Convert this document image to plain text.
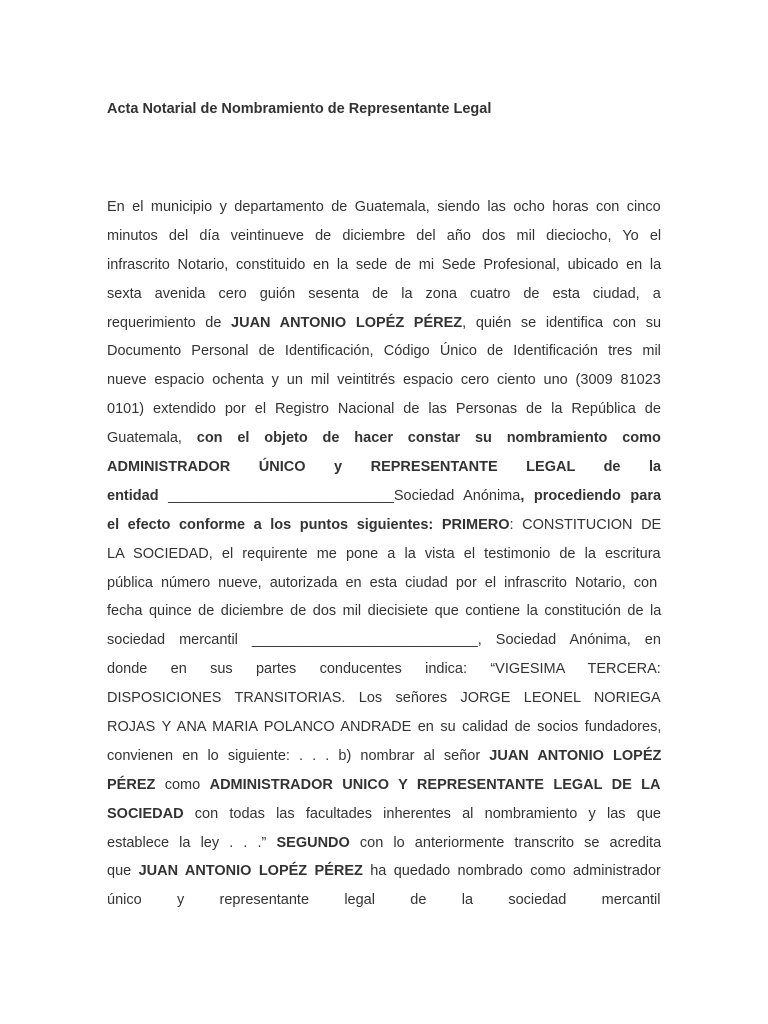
Acta Notarial de Nombramiento de Representante Legal
En el municipio y departamento de Guatemala, siendo las ocho horas con cinco
minutos del día veintinueve de diciembre del año dos mil dieciocho, Yo el
infrascrito Notario, constituido en la sede de mi Sede Profesional, ubicado en la
sexta avenida cero guión sesenta de la zona cuatro de esta ciudad, a
requerimiento de JUAN ANTONIO LOPÉZ PÉREZ, quién se identifica con su
Documento Personal de Identificación, Código Único de Identificación tres mil
nueve espacio ochenta y un mil veintitrés espacio cero ciento uno (3009 81023
0101) extendido por el Registro Nacional de las Personas de la República de
Guatemala, con el objeto de hacer constar su nombramiento como
ADMINISTRADOR ÚNICO y REPRESENTANTE LEGAL de la
entidad ____________________________Sociedad Anónima, procediendo para
el efecto conforme a los puntos siguientes: PRIMERO: CONSTITUCION DE
LA SOCIEDAD, el requirente me pone a la vista el testimonio de la escritura
pública número nueve, autorizada en esta ciudad por el infrascrito Notario, con
fecha quince de diciembre de dos mil diecisiete que contiene la constitución de la
sociedad mercantil ____________________________, Sociedad Anónima, en
donde en sus partes conducentes indica: “VIGESIMA TERCERA:
DISPOSICIONES TRANSITORIAS. Los señores JORGE LEONEL NORIEGA
ROJAS Y ANA MARIA POLANCO ANDRADE en su calidad de socios fundadores,
convienen en lo siguiente: . . . b) nombrar al señor JUAN ANTONIO LOPÉZ
PÉREZ como ADMINISTRADOR UNICO Y REPRESENTANTE LEGAL DE LA
SOCIEDAD con todas las facultades inherentes al nombramiento y las que
establece la ley . . .” SEGUNDO con lo anteriormente transcrito se acredita
que JUAN ANTONIO LOPÉZ PÉREZ ha quedado nombrado como administrador
único y representante legal de la sociedad mercantil
